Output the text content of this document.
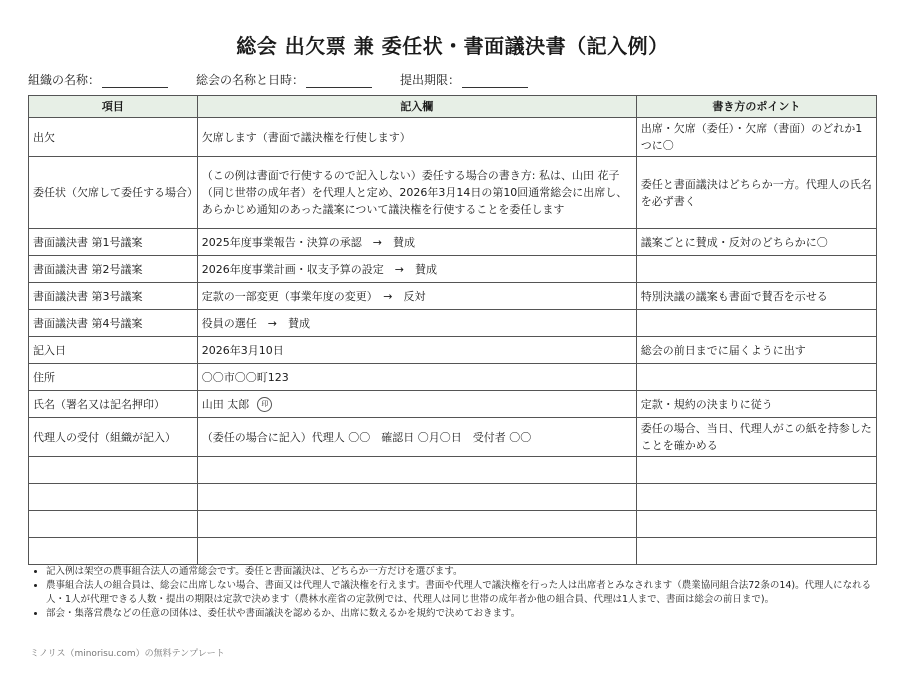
総会 出欠票 兼 委任状・書面議決書（記入例）
組織の名称：	総会の名称と日時：	提出期限：
項目	記入欄	書き方のポイント
出欠	欠席します（書面で議決権を行使します）	出席・欠席（委任）・欠席（書面）のどれか1つに〇
委任状（欠席して委任する場合）	（この例は書面で行使するので記入しない）委任する場合の書き方: 私は、山田 花子（同じ世帯の成年者）を代理人と定め、2026年3月14日の第10回通常総会に出席し、あらかじめ通知のあった議案について議決権を行使することを委任します	委任と書面議決はどちらか一方。代理人の氏名を必ず書く
書面議決書 第1号議案	2025年度事業報告・決算の承認　→　賛成	議案ごとに賛成・反対のどちらかに〇
書面議決書 第2号議案	2026年度事業計画・収支予算の設定　→　賛成	
書面議決書 第3号議案	定款の一部変更（事業年度の変更）　→　反対	特別決議の議案も書面で賛否を示せる
書面議決書 第4号議案	役員の選任　→　賛成	
記入日	2026年3月10日	総会の前日までに届くように出す
住所	〇〇市〇〇町123	
氏名（署名又は記名押印）	山田 太郎 印	定款・規約の決まりに従う
代理人の受付（組織が記入）	（委任の場合に記入）代理人 〇〇　確認日 〇月〇日　受付者 〇〇	委任の場合、当日、代理人がこの紙を持参したことを確かめる

• 記入例は架空の農事組合法人の通常総会です。委任と書面議決は、どちらか一方だけを選びます。
• 農事組合法人の組合員は、総会に出席しない場合、書面又は代理人で議決権を行えます。書面や代理人で議決権を行った人は出席者とみなされます（農業協同組合法72条の14)。代理人になれる人・1人が代理できる人数・提出の期限は定款で決めます（農林水産省の定款例では、代理人は同じ世帯の成年者か他の組合員、代理は1人まで、書面は総会の前日まで)。
• 部会・集落営農などの任意の団体は、委任状や書面議決を認めるか、出席に数えるかを規約で決めておきます。
ミノリス（minorisu.com）の無料テンプレート
